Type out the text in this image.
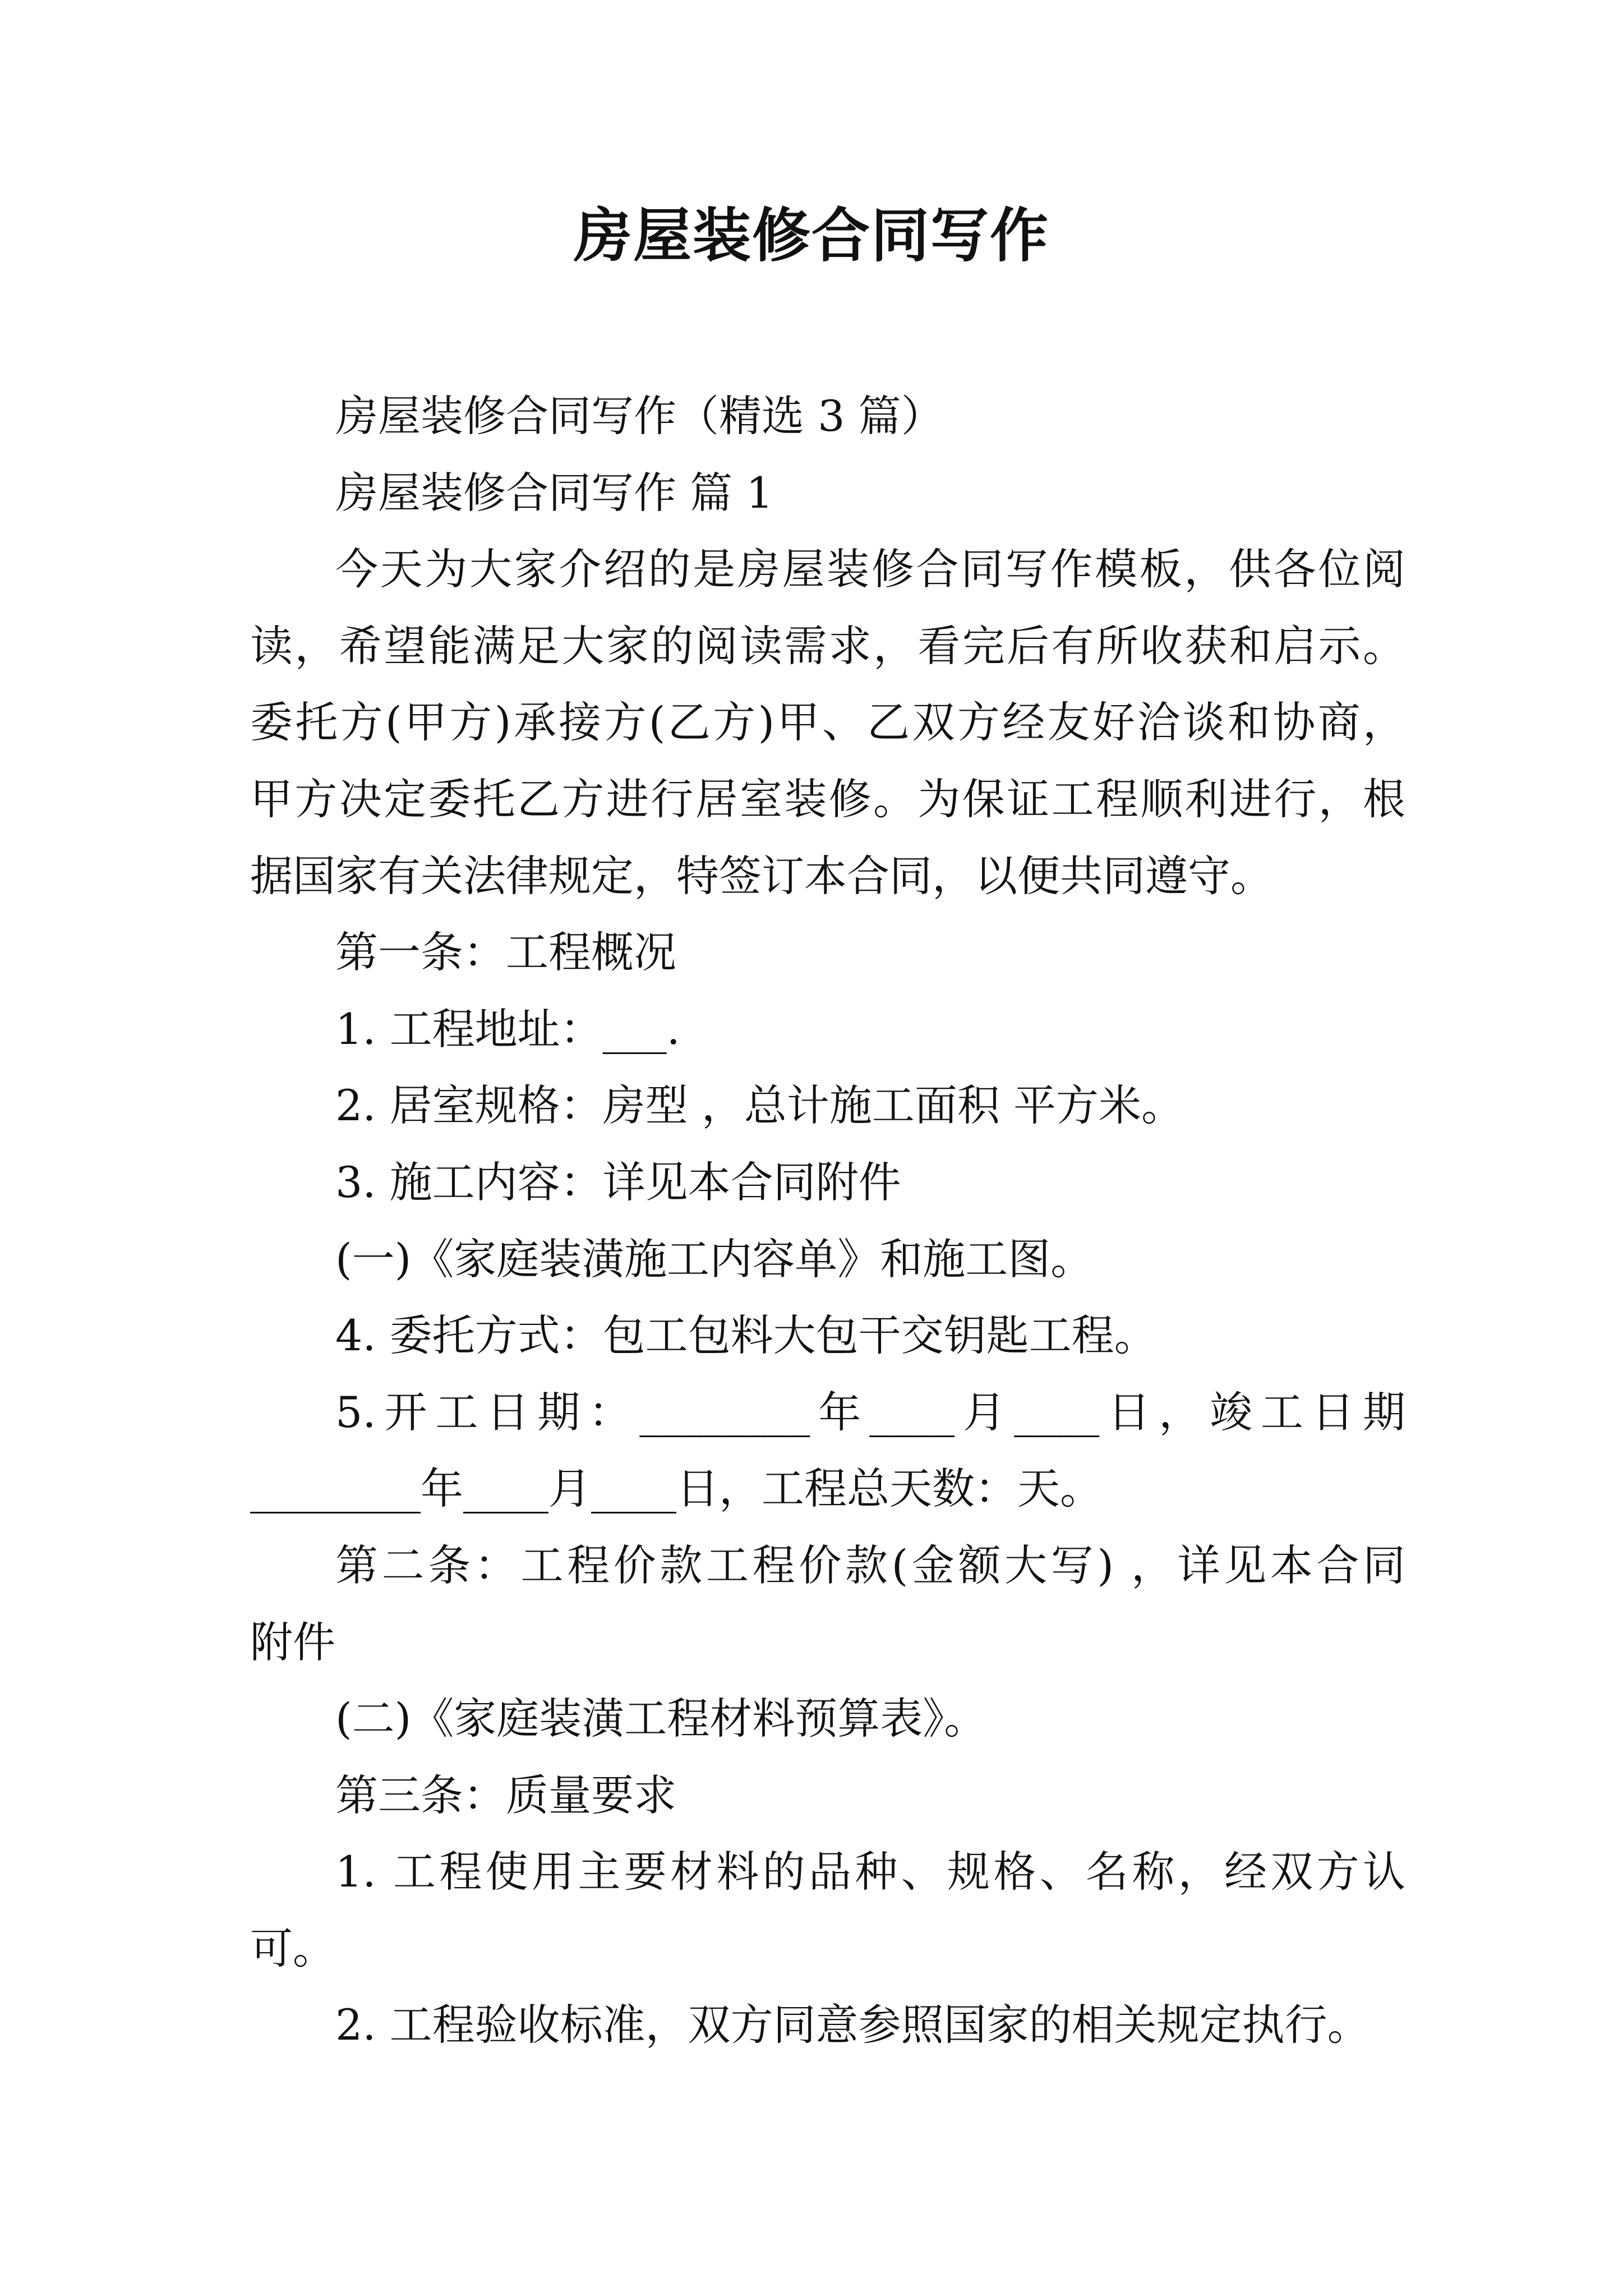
房屋装修合同写作
房屋装修合同写作（精选 3 篇）
房屋装修合同写作 篇 1
今天为大家介绍的是房屋装修合同写作模板，供各位阅
读，希望能满足大家的阅读需求，看完后有所收获和启示。
委托方(甲方)承接方(乙方)甲、乙双方经友好洽谈和协商，
甲方决定委托乙方进行居室装修。为保证工程顺利进行，根
据国家有关法律规定，特签订本合同，以便共同遵守。
第一条：工程概况
1. 工程地址：___.
2. 居室规格：房型 ，总计施工面积 平方米。
3. 施工内容：详见本合同附件
(一)《家庭装潢施工内容单》和施工图。
4. 委托方式：包工包料大包干交钥匙工程。
5.开工日期：________年____月____日，竣工日期
________年____月____日，工程总天数：天。
第二条：工程价款工程价款(金额大写) ，详见本合同
附件
(二)《家庭装潢工程材料预算表》。
第三条：质量要求
1. 工程使用主要材料的品种、规格、名称，经双方认
可。
2. 工程验收标准，双方同意参照国家的相关规定执行。
